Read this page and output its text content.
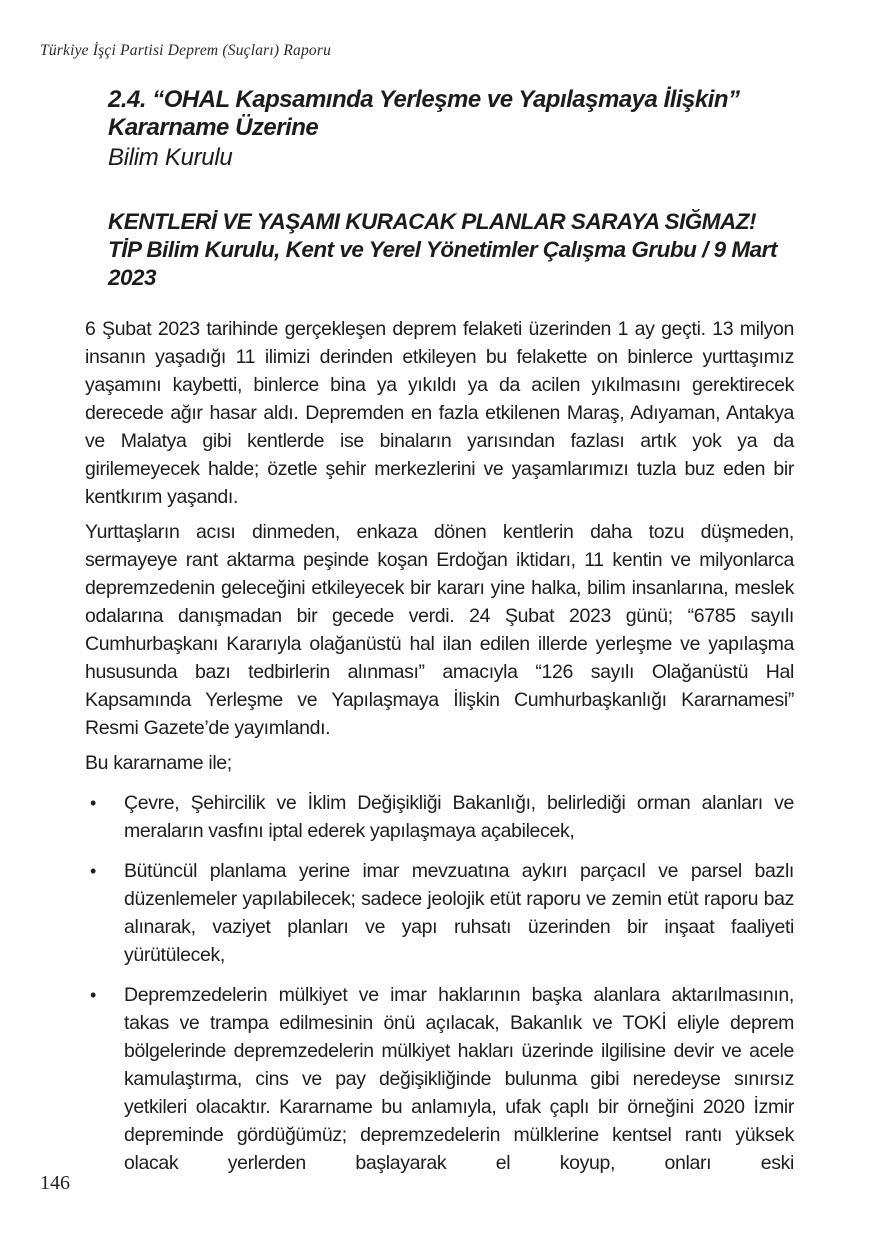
Türkiye İşçi Partisi Deprem (Suçları) Raporu
2.4. “OHAL Kapsamında Yerleşme ve Yapılaşmaya İlişkin” Kararname Üzerine
Bilim Kurulu

KENTLERİ VE YAŞAMI KURACAK PLANLAR SARAYA SIĞMAZ!

TİP Bilim Kurulu, Kent ve Yerel Yönetimler Çalışma Grubu / 9 Mart 2023

6 Şubat 2023 tarihinde gerçekleşen deprem felaketi üzerinden 1 ay geçti. 13 milyon insanın yaşadığı 11 ilimizi derinden etkileyen bu felakette on binlerce yurttaşımız yaşamını kaybetti, binlerce bina ya yıkıldı ya da acilen yıkılmasını gerektirecek derecede ağır hasar aldı. Depremden en fazla etkilenen Maraş, Adıyaman, Antakya ve Malatya gibi kentlerde ise binaların yarısından fazlası artık yok ya da girilemeyecek halde; özetle şehir merkezlerini ve yaşamlarımızı tuzla buz eden bir kentkırım yaşandı.

Yurttaşların acısı dinmeden, enkaza dönen kentlerin daha tozu düşmeden, sermayeye rant aktarma peşinde koşan Erdoğan iktidarı, 11 kentin ve milyonlarca depremzedenin geleceğini etkileyecek bir kararı yine halka, bilim insanlarına, meslek odalarına danışmadan bir gecede verdi. 24 Şubat 2023 günü; “6785 sayılı Cumhurbaşkanı Kararıyla olağanüstü hal ilan edilen illerde yerleşme ve yapılaşma hususunda bazı tedbirlerin alınması” amacıyla “126 sayılı Olağanüstü Hal Kapsamında Yerleşme ve Yapılaşmaya İlişkin Cumhurbaşkanlığı Kararnamesi” Resmi Gazete’de yayımlandı.

Bu kararname ile;

•	Çevre, Şehircilik ve İklim Değişikliği Bakanlığı, belirlediği orman alanları ve meraların vasfını iptal ederek yapılaşmaya açabilecek,

•	Bütüncül planlama yerine imar mevzuatına aykırı parçacıl ve parsel bazlı düzenlemeler yapılabilecek; sadece jeolojik etüt raporu ve zemin etüt raporu baz alınarak, vaziyet planları ve yapı ruhsatı üzerinden bir inşaat faaliyeti yürütülecek,

•	Depremzedelerin mülkiyet ve imar haklarının başka alanlara aktarılmasının, takas ve trampa edilmesinin önü açılacak, Bakanlık ve TOKİ eliyle deprem bölgelerinde depremzedelerin mülkiyet hakları üzerinde ilgilisine devir ve acele kamulaştırma, cins ve pay değişikliğinde bulunma gibi neredeyse sınırsız yetkileri olacaktır. Kararname bu anlamıyla, ufak çaplı bir örneğini 2020 İzmir depreminde gördüğümüz; depremzedelerin mülklerine kentsel rantı yüksek olacak yerlerden başlayarak el koyup, onları eski

146
